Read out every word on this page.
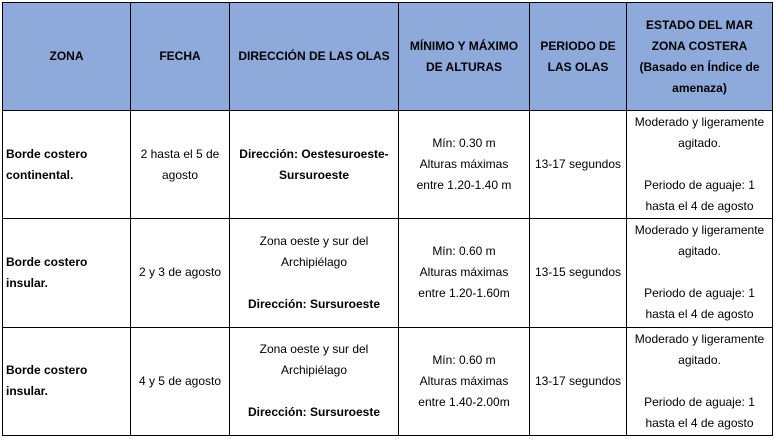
ZONA	FECHA	DIRECCIÓN DE LAS OLAS	MÍNIMO Y MÁXIMO DE ALTURAS	PERIODO DE LAS OLAS	ESTADO DEL MAR ZONA COSTERA
(Basado en Índice de amenaza)

Borde costero continental.	2 hasta el 5 de agosto	Dirección: Oestesuroeste-Sursuroeste	Mín: 0.30 m
Alturas máximas
entre 1.20-1.40 m	13-17 segundos	Moderado y ligeramente agitado.
Periodo de aguaje: 1 hasta el 4 de agosto

Borde costero insular.	2 y 3 de agosto	Zona oeste y sur del Archipiélago
Dirección: Sursuroeste	Mín: 0.60 m
Alturas máximas
entre 1.20-1.60m	13-15 segundos	Moderado y ligeramente agitado.
Periodo de aguaje: 1 hasta el 4 de agosto

Borde costero insular.	4 y 5 de agosto	Zona oeste y sur del Archipiélago
Dirección: Sursuroeste	Mín: 0.60 m
Alturas máximas
entre 1.40-2.00m	13-17 segundos	Moderado y ligeramente agitado.
Periodo de aguaje: 1 hasta el 4 de agosto
